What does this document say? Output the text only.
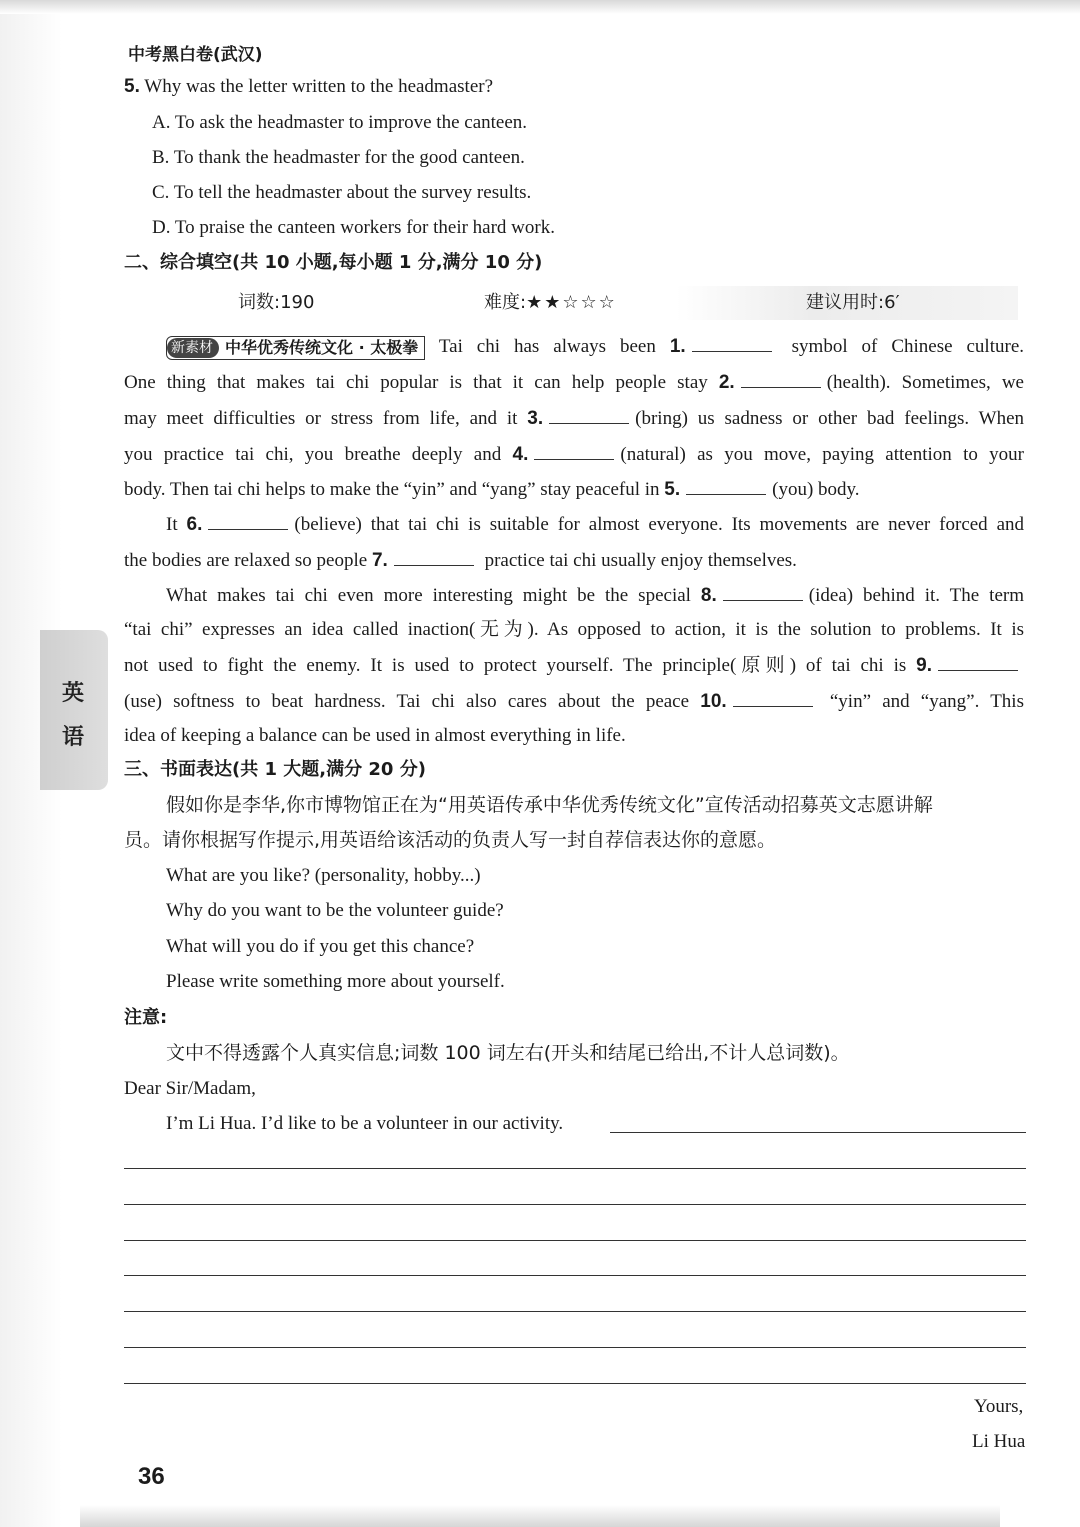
中考黑白卷(武汉)
5. Why was the letter written to the headmaster?
A. To ask the headmaster to improve the canteen.
B. To thank the headmaster for the good canteen.
C. To tell the headmaster about the survey results.
D. To praise the canteen workers for their hard work.
二、综合填空(共 10 小题,每小题 1 分,满分 10 分)
词数:190	难度:★★☆☆☆	建议用时:6′
新素材 中华优秀传统文化 · 太极拳 Tai chi has always been 1.	symbol of Chinese culture.
One thing that makes tai chi popular is that it can help people stay 2.	(health). Sometimes, we
may meet difficulties or stress from life, and it 3.	(bring) us sadness or other bad feelings. When
you practice tai chi, you breathe deeply and 4.	(natural) as you move, paying attention to your
body. Then tai chi helps to make the “yin” and “yang” stay peaceful in 5.	(you) body.
It 6.	(believe) that tai chi is suitable for almost everyone. Its movements are never forced and
the bodies are relaxed so people 7.	practice tai chi usually enjoy themselves.
What makes tai chi even more interesting might be the special 8.	(idea) behind it. The term
“tai chi” expresses an idea called inaction(无为). As opposed to action, it is the solution to problems. It is
not used to fight the enemy. It is used to protect yourself. The principle(原则) of tai chi is 9.
(use) softness to beat hardness. Tai chi also cares about the peace 10.	“yin” and “yang”. This
idea of keeping a balance can be used in almost everything in life.
英
语
三、书面表达(共 1 大题,满分 20 分)
假如你是李华,你市博物馆正在为“用英语传承中华优秀传统文化”宣传活动招募英文志愿讲解
员。请你根据写作提示,用英语给该活动的负责人写一封自荐信表达你的意愿。
What are you like? (personality, hobby...)
Why do you want to be the volunteer guide?
What will you do if you get this chance?
Please write something more about yourself.
注意:
文中不得透露个人真实信息;词数 100 词左右(开头和结尾已给出,不计人总词数)。
Dear Sir/Madam,
I’m Li Hua. I’d like to be a volunteer in our activity.
Yours,
Li Hua
36
